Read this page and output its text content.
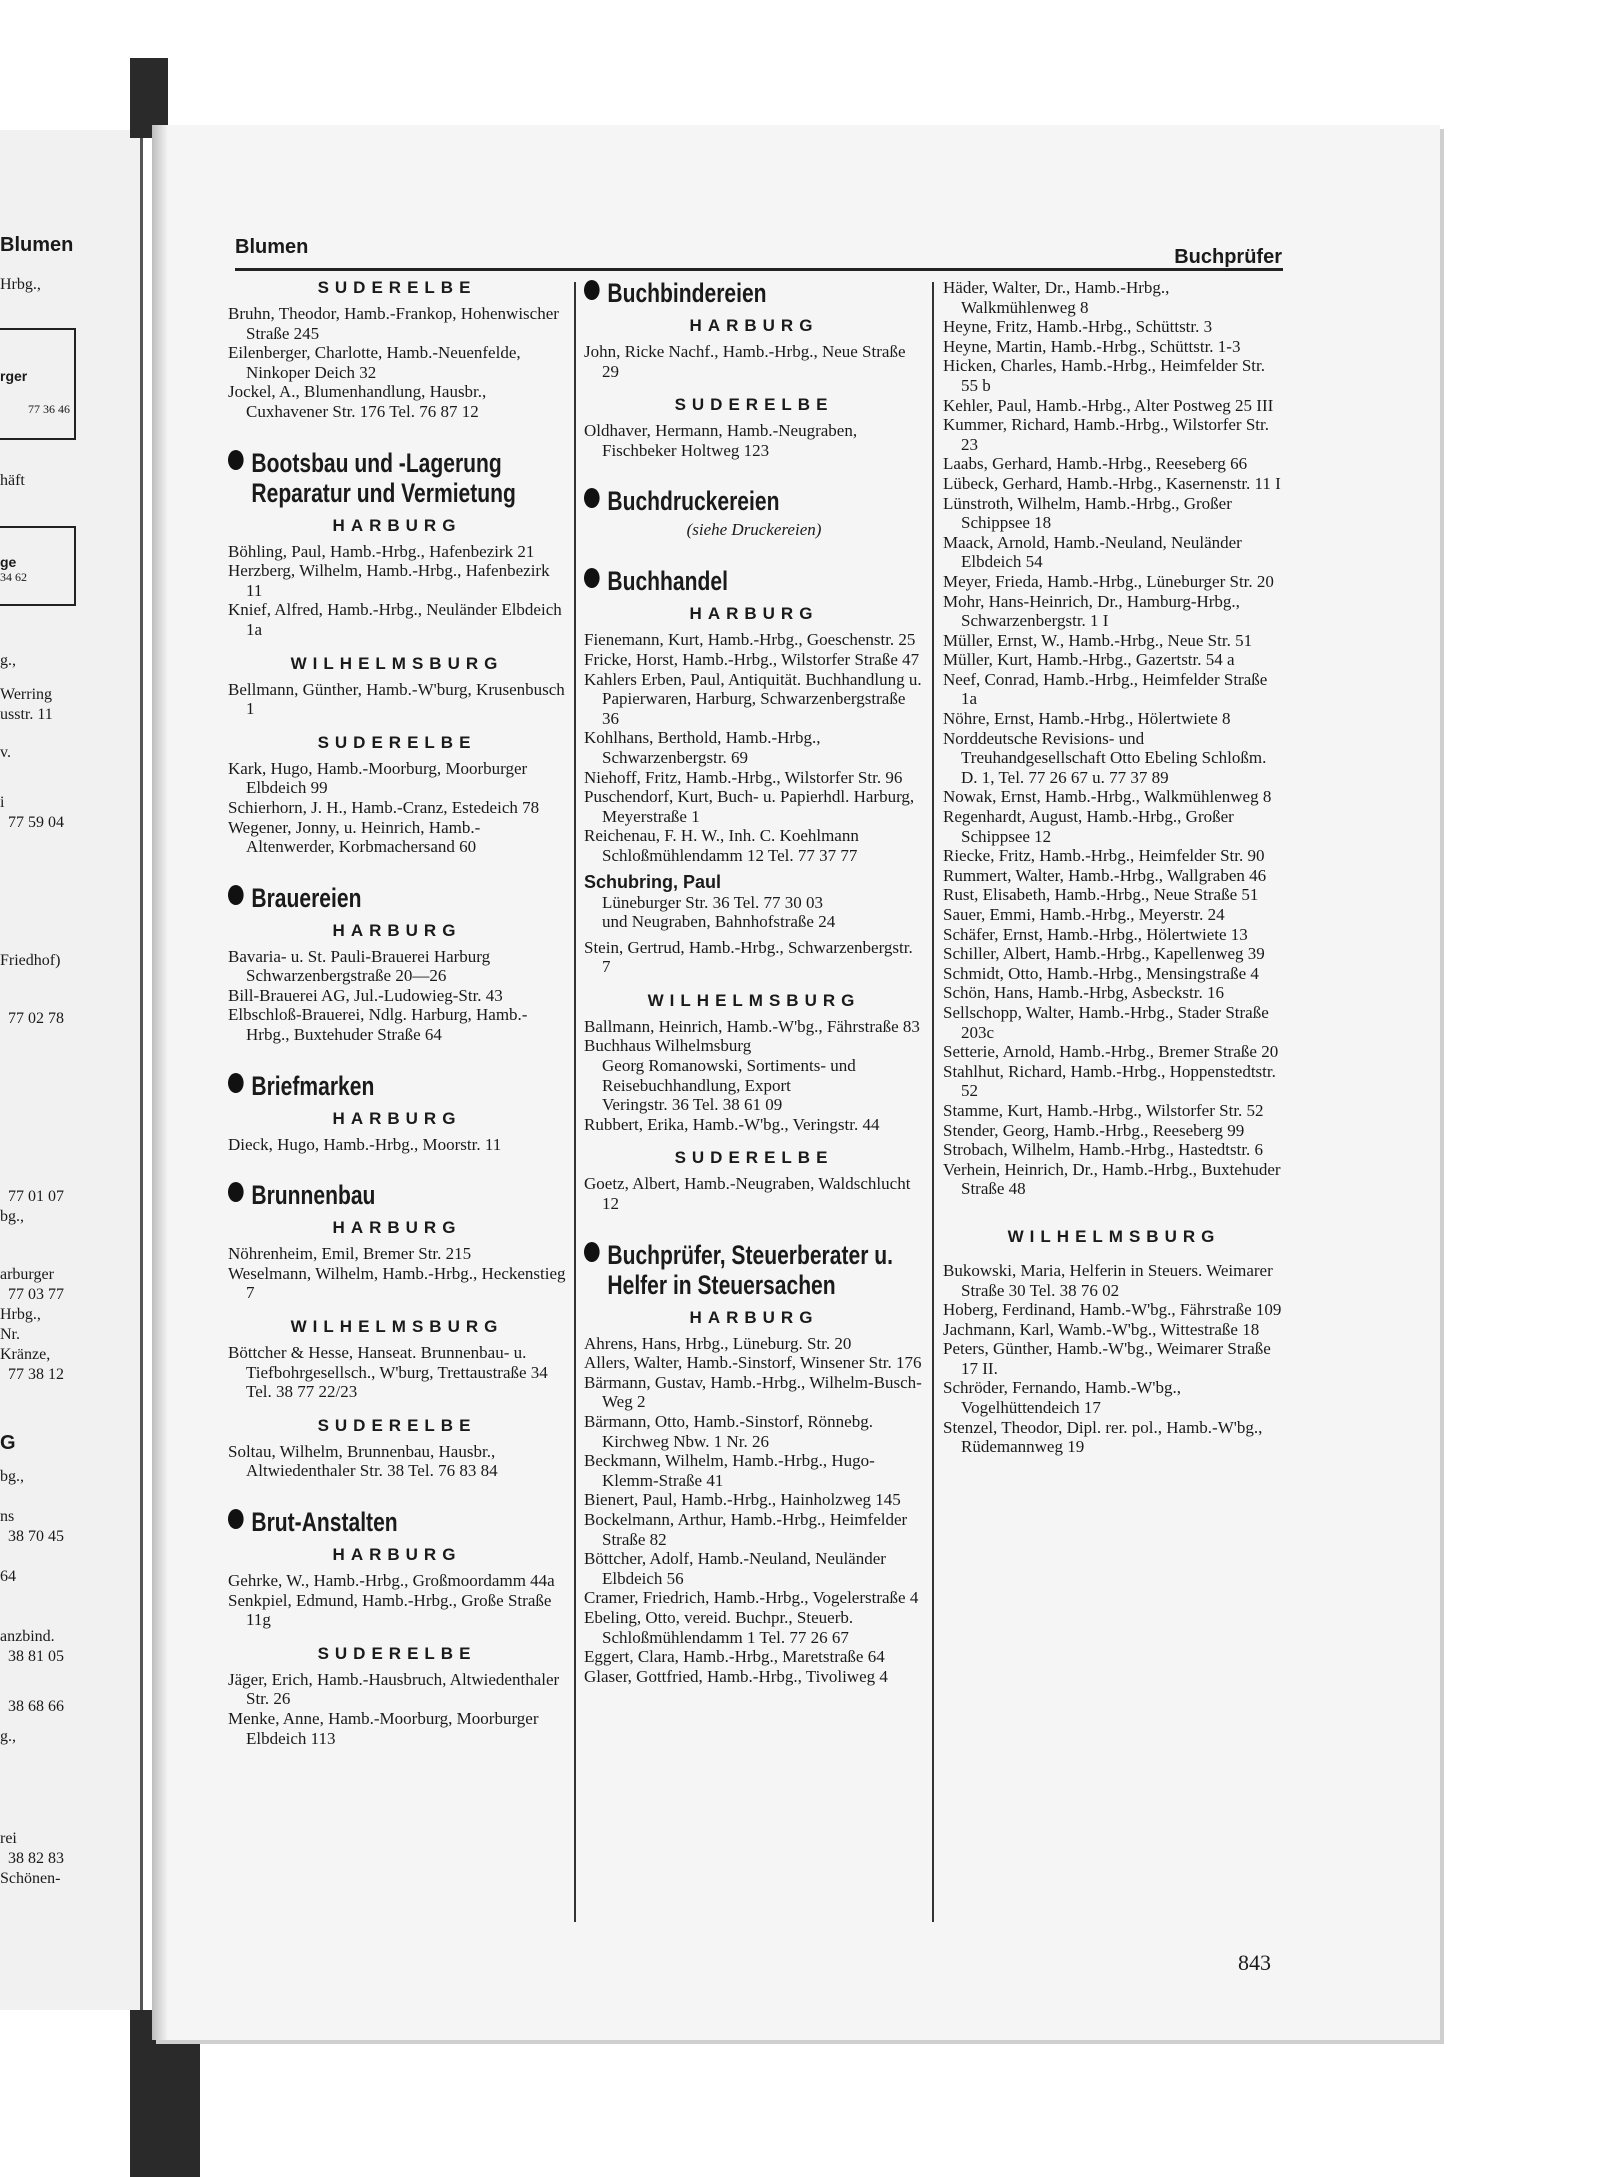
Blumen
Hrbg.,
rger
77 36 46
häft
ge
34 62
g.,
Werring
usstr. 11
v.
i
77 59 04
Friedhof)
77 02 78
77 01 07
bg.,
arburger
77 03 77
Hrbg.,
Nr.
Kränze,
77 38 12
G
bg.,
ns
38 70 45
64
anzbind.
38 81 05
38 68 66
g.,
rei
38 82 83
Schönen-
Blumen	Buchprüfer
SUDERELBE
Bruhn, Theodor, Hamb.-Frankop, Hohenwischer Straße 245
Eilenberger, Charlotte, Hamb.-Neuenfelde, Ninkoper Deich 32
Jockel, A., Blumenhandlung, Hausbr., Cuxhavener Str. 176 Tel. 76 87 12
Bootsbau und -Lagerung
Reparatur und Vermietung
HARBURG
Böhling, Paul, Hamb.-Hrbg., Hafenbezirk 21
Herzberg, Wilhelm, Hamb.-Hrbg., Hafenbezirk 11
Knief, Alfred, Hamb.-Hrbg., Neuländer Elbdeich 1a
WILHELMSBURG
Bellmann, Günther, Hamb.-W'burg, Krusenbusch 1
SUDERELBE
Kark, Hugo, Hamb.-Moorburg, Moorburger Elbdeich 99
Schierhorn, J. H., Hamb.-Cranz, Estedeich 78
Wegener, Jonny, u. Heinrich, Hamb.-Altenwerder, Korbmachersand 60
Brauereien
HARBURG
Bavaria- u. St. Pauli-Brauerei Harburg Schwarzenbergstraße 20—26
Bill-Brauerei AG, Jul.-Ludowieg-Str. 43
Elbschloß-Brauerei, Ndlg. Harburg, Hamb.-Hrbg., Buxtehuder Straße 64
Briefmarken
HARBURG
Dieck, Hugo, Hamb.-Hrbg., Moorstr. 11
Brunnenbau
HARBURG
Nöhrenheim, Emil, Bremer Str. 215
Weselmann, Wilhelm, Hamb.-Hrbg., Heckenstieg 7
WILHELMSBURG
Böttcher & Hesse, Hanseat. Brunnenbau- u. Tiefbohrgesellsch., W'burg, Trettaustraße 34 Tel. 38 77 22/23
SUDERELBE
Soltau, Wilhelm, Brunnenbau, Hausbr., Altwiedenthaler Str. 38 Tel. 76 83 84
Brut-Anstalten
HARBURG
Gehrke, W., Hamb.-Hrbg., Großmoordamm 44a
Senkpiel, Edmund, Hamb.-Hrbg., Große Straße 11g
SUDERELBE
Jäger, Erich, Hamb.-Hausbruch, Altwiedenthaler Str. 26
Menke, Anne, Hamb.-Moorburg, Moorburger Elbdeich 113
Buchbindereien
HARBURG
John, Ricke Nachf., Hamb.-Hrbg., Neue Straße 29
SUDERELBE
Oldhaver, Hermann, Hamb.-Neugraben, Fischbeker Holtweg 123
Buchdruckereien
(siehe Druckereien)
Buchhandel
HARBURG
Fienemann, Kurt, Hamb.-Hrbg., Goeschenstr. 25
Fricke, Horst, Hamb.-Hrbg., Wilstorfer Straße 47
Kahlers Erben, Paul, Antiquität. Buchhandlung u. Papierwaren, Harburg, Schwarzenbergstraße 36
Kohlhans, Berthold, Hamb.-Hrbg., Schwarzenbergstr. 69
Niehoff, Fritz, Hamb.-Hrbg., Wilstorfer Str. 96
Puschendorf, Kurt, Buch- u. Papierhdl. Harburg, Meyerstraße 1
Reichenau, F. H. W., Inh. C. Koehlmann Schloßmühlendamm 12 Tel. 77 37 77
Schubring, Paul
Lüneburger Str. 36 Tel. 77 30 03
und Neugraben, Bahnhofstraße 24
Stein, Gertrud, Hamb.-Hrbg., Schwarzenbergstr. 7
WILHELMSBURG
Ballmann, Heinrich, Hamb.-W'bg., Fährstraße 83
Buchhaus Wilhelmsburg
Georg Romanowski, Sortiments- und Reisebuchhandlung, Export
Veringstr. 36 Tel. 38 61 09
Rubbert, Erika, Hamb.-W'bg., Veringstr. 44
SUDERELBE
Goetz, Albert, Hamb.-Neugraben, Waldschlucht 12
Buchprüfer, Steuerberater u.
Helfer in Steuersachen
HARBURG
Ahrens, Hans, Hrbg., Lüneburg. Str. 20
Allers, Walter, Hamb.-Sinstorf, Winsener Str. 176
Bärmann, Gustav, Hamb.-Hrbg., Wilhelm-Busch-Weg 2
Bärmann, Otto, Hamb.-Sinstorf, Rönnebg. Kirchweg Nbw. 1 Nr. 26
Beckmann, Wilhelm, Hamb.-Hrbg., Hugo-Klemm-Straße 41
Bienert, Paul, Hamb.-Hrbg., Hainholzweg 145
Bockelmann, Arthur, Hamb.-Hrbg., Heimfelder Straße 82
Böttcher, Adolf, Hamb.-Neuland, Neuländer Elbdeich 56
Cramer, Friedrich, Hamb.-Hrbg., Vogelerstraße 4
Ebeling, Otto, vereid. Buchpr., Steuerb. Schloßmühlendamm 1 Tel. 77 26 67
Eggert, Clara, Hamb.-Hrbg., Maretstraße 64
Glaser, Gottfried, Hamb.-Hrbg., Tivoliweg 4
Häder, Walter, Dr., Hamb.-Hrbg., Walkmühlenweg 8
Heyne, Fritz, Hamb.-Hrbg., Schüttstr. 3
Heyne, Martin, Hamb.-Hrbg., Schüttstr. 1-3
Hicken, Charles, Hamb.-Hrbg., Heimfelder Str. 55 b
Kehler, Paul, Hamb.-Hrbg., Alter Postweg 25 III
Kummer, Richard, Hamb.-Hrbg., Wilstorfer Str. 23
Laabs, Gerhard, Hamb.-Hrbg., Reeseberg 66
Lübeck, Gerhard, Hamb.-Hrbg., Kasernenstr. 11 I
Lünstroth, Wilhelm, Hamb.-Hrbg., Großer Schippsee 18
Maack, Arnold, Hamb.-Neuland, Neuländer Elbdeich 54
Meyer, Frieda, Hamb.-Hrbg., Lüneburger Str. 20
Mohr, Hans-Heinrich, Dr., Hamburg-Hrbg., Schwarzenbergstr. 1 I
Müller, Ernst, W., Hamb.-Hrbg., Neue Str. 51
Müller, Kurt, Hamb.-Hrbg., Gazertstr. 54 a
Neef, Conrad, Hamb.-Hrbg., Heimfelder Straße 1a
Nöhre, Ernst, Hamb.-Hrbg., Hölertwiete 8
Norddeutsche Revisions- und Treuhandgesellschaft Otto Ebeling Schloßm. D. 1, Tel. 77 26 67 u. 77 37 89
Nowak, Ernst, Hamb.-Hrbg., Walkmühlenweg 8
Regenhardt, August, Hamb.-Hrbg., Großer Schippsee 12
Riecke, Fritz, Hamb.-Hrbg., Heimfelder Str. 90
Rummert, Walter, Hamb.-Hrbg., Wallgraben 46
Rust, Elisabeth, Hamb.-Hrbg., Neue Straße 51
Sauer, Emmi, Hamb.-Hrbg., Meyerstr. 24
Schäfer, Ernst, Hamb.-Hrbg., Hölertwiete 13
Schiller, Albert, Hamb.-Hrbg., Kapellenweg 39
Schmidt, Otto, Hamb.-Hrbg., Mensingstraße 4
Schön, Hans, Hamb.-Hrbg, Asbeckstr. 16
Sellschopp, Walter, Hamb.-Hrbg., Stader Straße 203c
Setterie, Arnold, Hamb.-Hrbg., Bremer Straße 20
Stahlhut, Richard, Hamb.-Hrbg., Hoppenstedtstr. 52
Stamme, Kurt, Hamb.-Hrbg., Wilstorfer Str. 52
Stender, Georg, Hamb.-Hrbg., Reeseberg 99
Strobach, Wilhelm, Hamb.-Hrbg., Hastedtstr. 6
Verhein, Heinrich, Dr., Hamb.-Hrbg., Buxtehuder Straße 48
WILHELMSBURG
Bukowski, Maria, Helferin in Steuers. Weimarer Straße 30 Tel. 38 76 02
Hoberg, Ferdinand, Hamb.-W'bg., Fährstraße 109
Jachmann, Karl, Wamb.-W'bg., Wittestraße 18
Peters, Günther, Hamb.-W'bg., Weimarer Straße 17 II.
Schröder, Fernando, Hamb.-W'bg., Vogelhüttendeich 17
Stenzel, Theodor, Dipl. rer. pol., Hamb.-W'bg., Rüdemannweg 19
843
